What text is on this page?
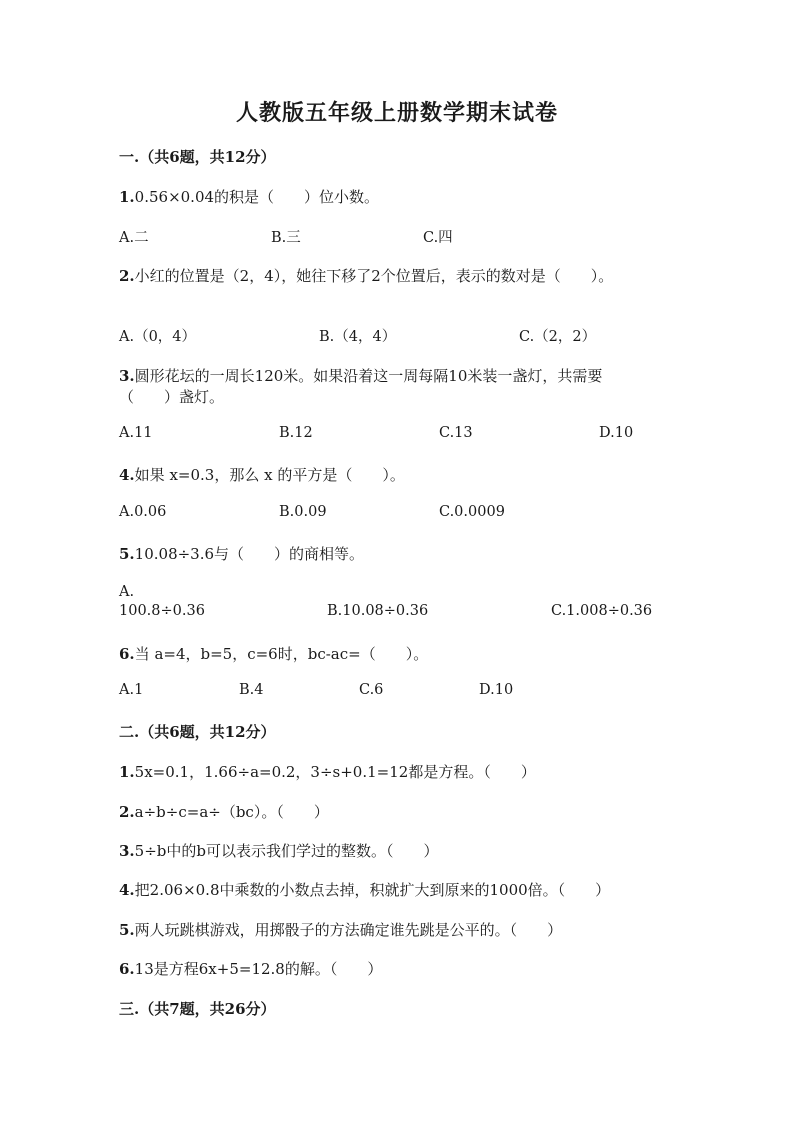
人教版五年级上册数学期末试卷
一.（共6题，共12分）
1.0.56×0.04的积是（　　）位小数。
A.二	B.三	C.四
2.小红的位置是（2，4），她往下移了2个位置后，表示的数对是（　　）。
A.（0，4）	B.（4，4）	C.（2，2）
3.圆形花坛的一周长120米。如果沿着这一周每隔10米装一盏灯，共需要
（　　）盏灯。
A.11	B.12	C.13	D.10
4.如果 x=0.3，那么 x 的平方是（　　）。
A.0.06	B.0.09	C.0.0009
5.10.08÷3.6与（　　）的商相等。
A.
100.8÷0.36	B.10.08÷0.36	C.1.008÷0.36
6.当 a=4，b=5，c=6时，bc-ac=（　　）。
A.1	B.4	C.6	D.10
二.（共6题，共12分）
1.5x=0.1，1.66÷a=0.2，3÷s+0.1=12都是方程。（　　）
2.a÷b÷c=a÷（bc）。（　　）
3.5÷b中的b可以表示我们学过的整数。（　　）
4.把2.06×0.8中乘数的小数点去掉，积就扩大到原来的1000倍。（　　）
5.两人玩跳棋游戏，用掷骰子的方法确定谁先跳是公平的。（　　）
6.13是方程6x+5=12.8的解。（　　）
三.（共7题，共26分）
